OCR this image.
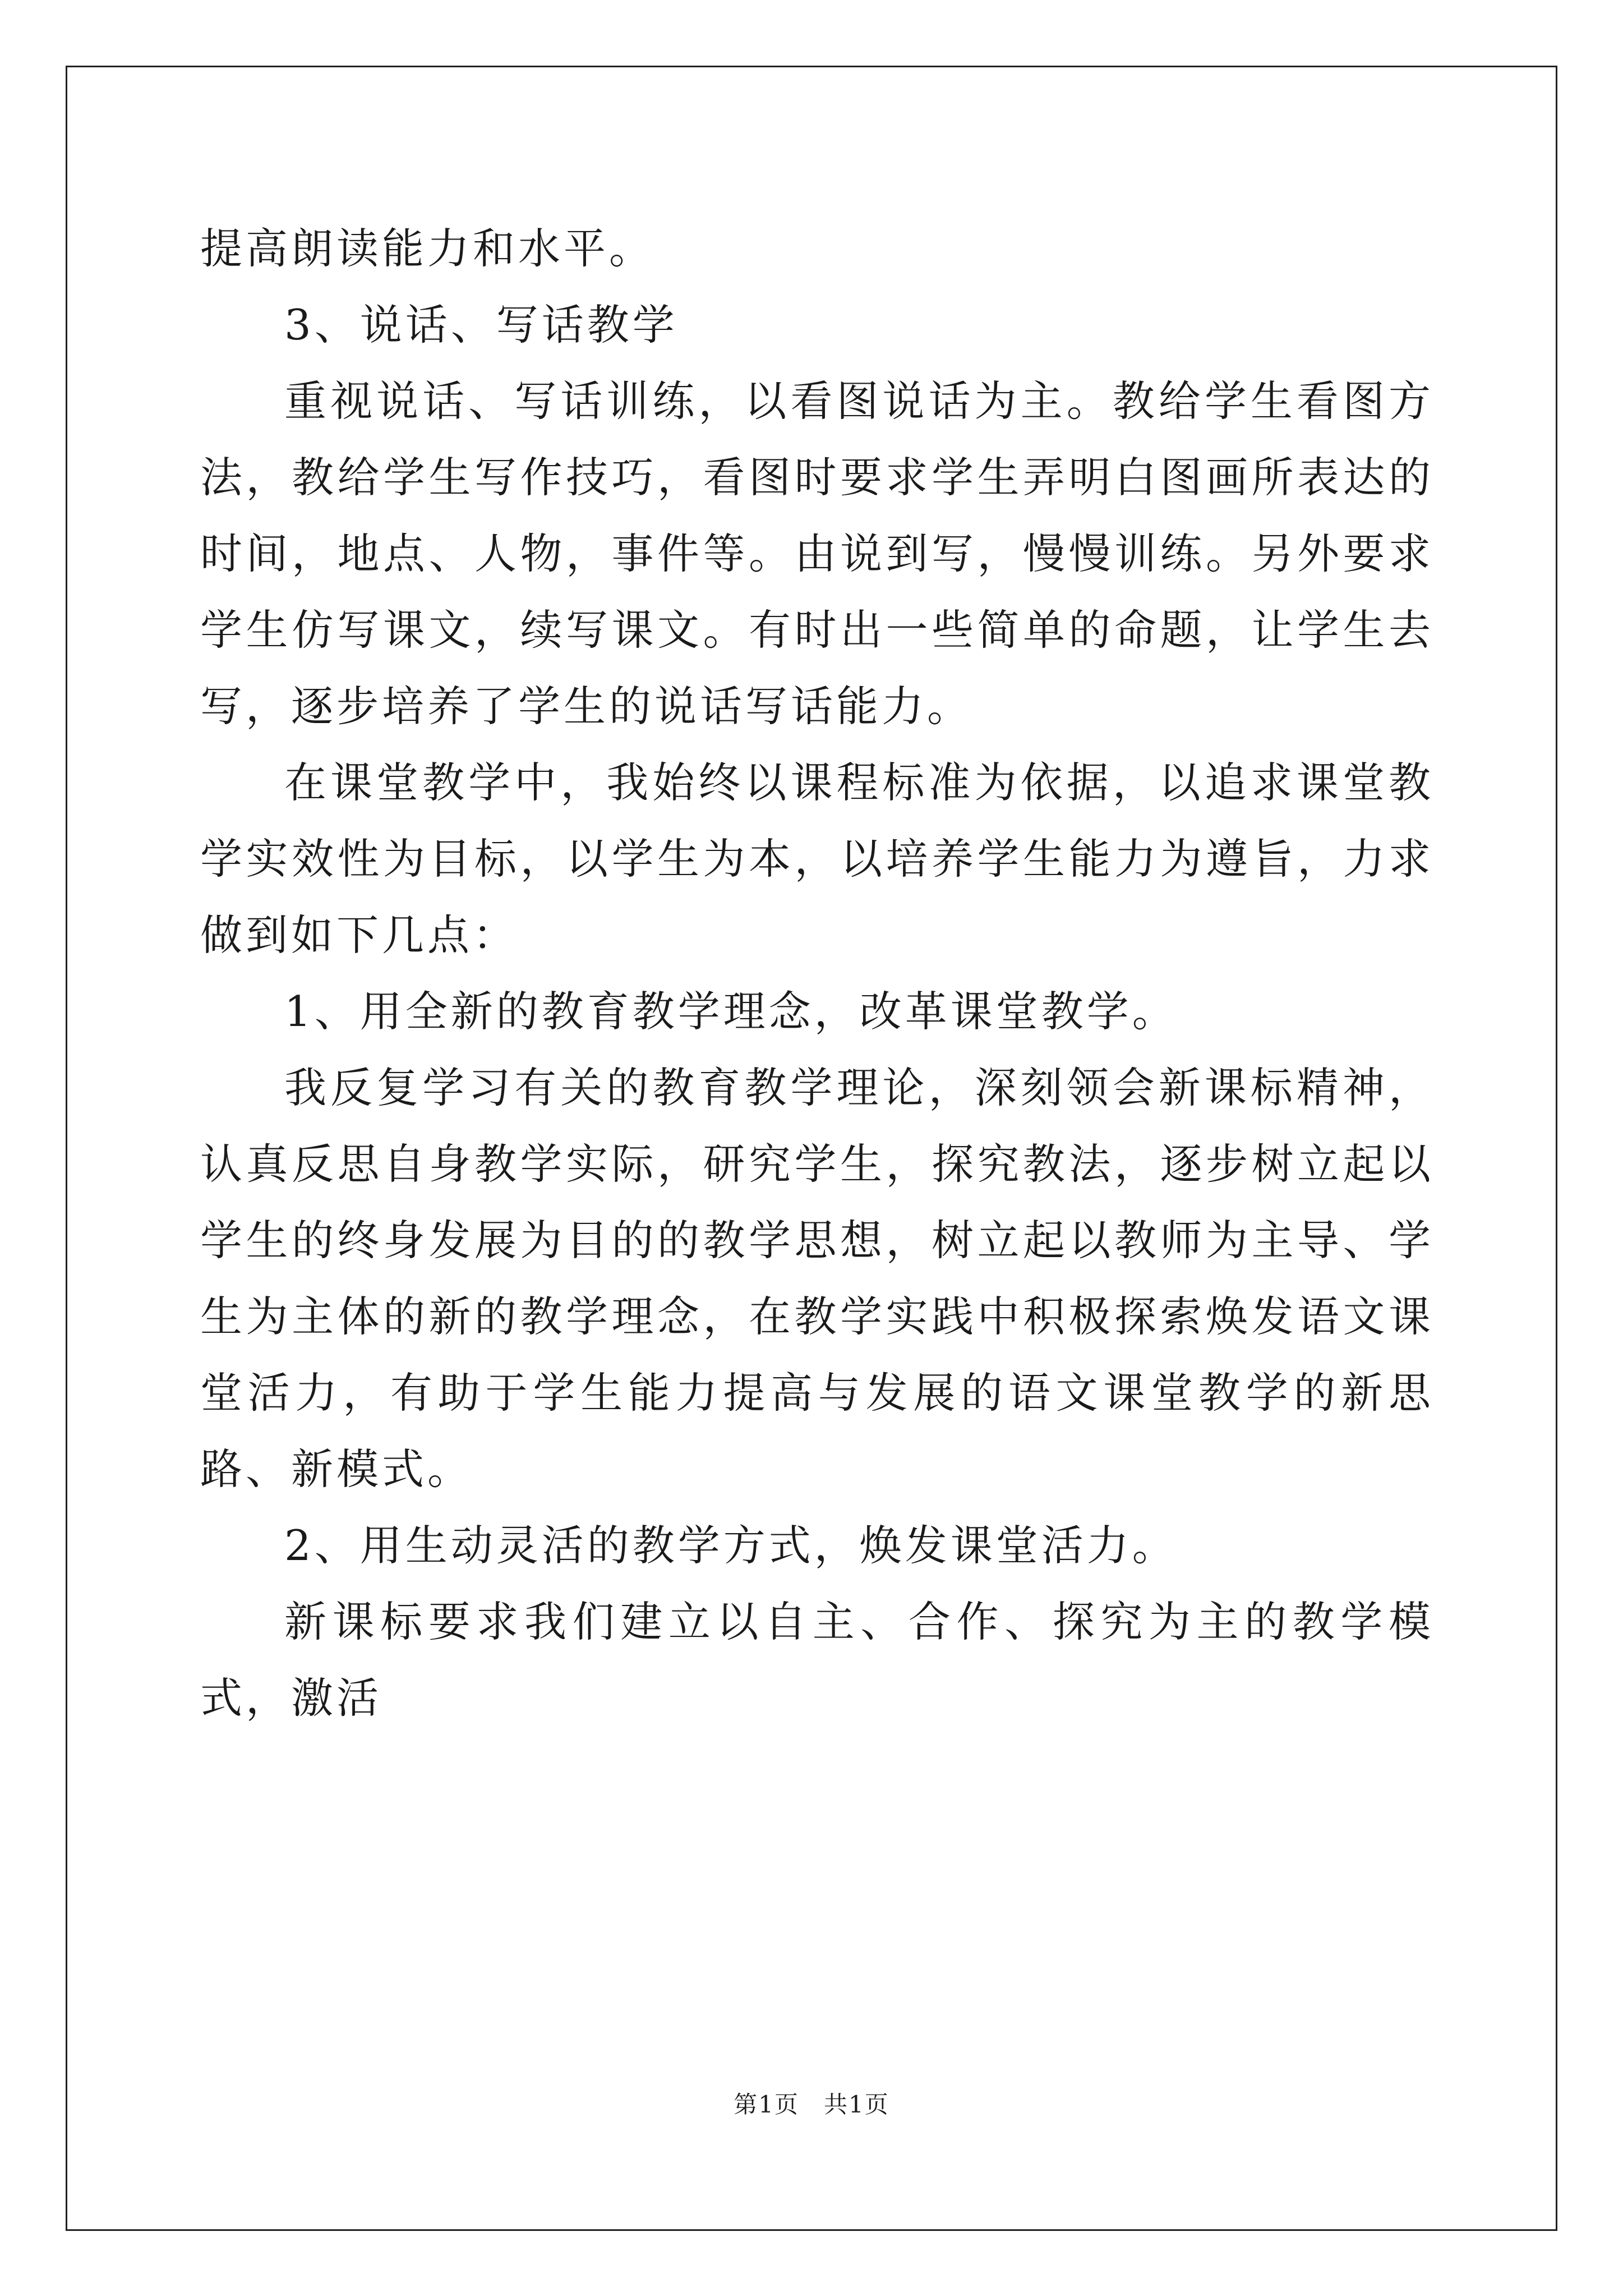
提高朗读能力和水平。

3、说话、写话教学

重视说话、写话训练，以看图说话为主。教给学生看图方法，教给学生写作技巧，看图时要求学生弄明白图画所表达的时间，地点、人物，事件等。由说到写，慢慢训练。另外要求学生仿写课文，续写课文。有时出一些简单的命题，让学生去写，逐步培养了学生的说话写话能力。

在课堂教学中，我始终以课程标准为依据，以追求课堂教学实效性为目标，以学生为本，以培养学生能力为遵旨，力求做到如下几点：

1、用全新的教育教学理念，改革课堂教学。

我反复学习有关的教育教学理论，深刻领会新课标精神，认真反思自身教学实际，研究学生，探究教法，逐步树立起以学生的终身发展为目的的教学思想，树立起以教师为主导、学生为主体的新的教学理念，在教学实践中积极探索焕发语文课堂活力，有助于学生能力提高与发展的语文课堂教学的新思路、新模式。

2、用生动灵活的教学方式，焕发课堂活力。

新课标要求我们建立以自主、合作、探究为主的教学模式，激活

第1页　共1页
